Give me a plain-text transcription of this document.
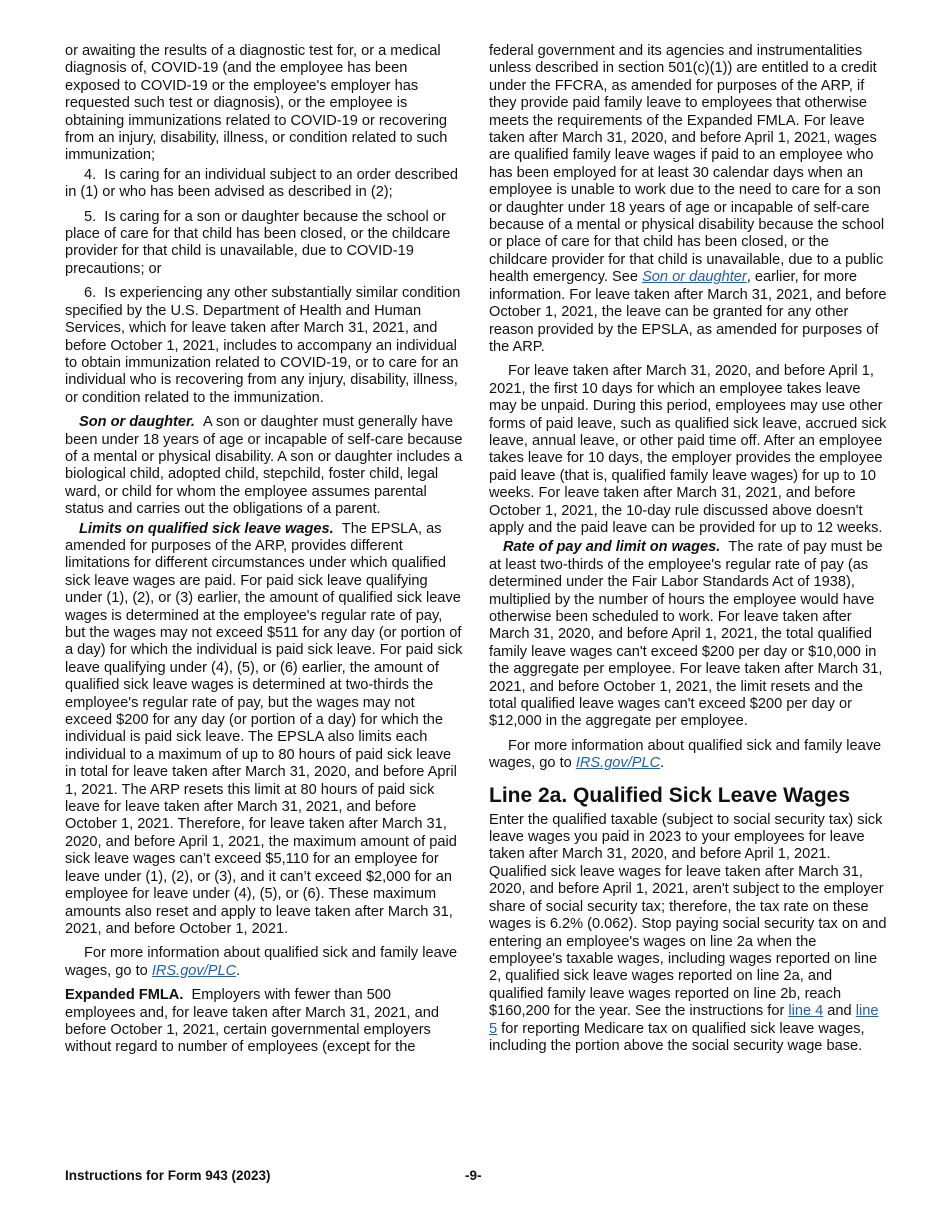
or awaiting the results of a diagnostic test for, or a medical diagnosis of, COVID-19 (and the employee has been exposed to COVID-19 or the employee's employer has requested such test or diagnosis), or the employee is obtaining immunizations related to COVID-19 or recovering from an injury, disability, illness, or condition related to such immunization;

4.  Is caring for an individual subject to an order described in (1) or who has been advised as described in (2);

5.  Is caring for a son or daughter because the school or place of care for that child has been closed, or the childcare provider for that child is unavailable, due to COVID-19 precautions; or

6.  Is experiencing any other substantially similar condition specified by the U.S. Department of Health and Human Services, which for leave taken after March 31, 2021, and before October 1, 2021, includes to accompany an individual to obtain immunization related to COVID-19, or to care for an individual who is recovering from any injury, disability, illness, or condition related to the immunization.

Son or daughter.  A son or daughter must generally have been under 18 years of age or incapable of self-care because of a mental or physical disability. A son or daughter includes a biological child, adopted child, stepchild, foster child, legal ward, or child for whom the employee assumes parental status and carries out the obligations of a parent.

Limits on qualified sick leave wages.  The EPSLA, as amended for purposes of the ARP, provides different limitations for different circumstances under which qualified sick leave wages are paid. For paid sick leave qualifying under (1), (2), or (3) earlier, the amount of qualified sick leave wages is determined at the employee's regular rate of pay, but the wages may not exceed $511 for any day (or portion of a day) for which the individual is paid sick leave. For paid sick leave qualifying under (4), (5), or (6) earlier, the amount of qualified sick leave wages is determined at two-thirds the employee's regular rate of pay, but the wages may not exceed $200 for any day (or portion of a day) for which the individual is paid sick leave. The EPSLA also limits each individual to a maximum of up to 80 hours of paid sick leave in total for leave taken after March 31, 2020, and before April 1, 2021. The ARP resets this limit at 80 hours of paid sick leave for leave taken after March 31, 2021, and before October 1, 2021. Therefore, for leave taken after March 31, 2020, and before April 1, 2021, the maximum amount of paid sick leave wages can’t exceed $5,110 for an employee for leave under (1), (2), or (3), and it can’t exceed $2,000 for an employee for leave under (4), (5), or (6). These maximum amounts also reset and apply to leave taken after March 31, 2021, and before October 1, 2021.

For more information about qualified sick and family leave wages, go to IRS.gov/PLC.

Expanded FMLA.  Employers with fewer than 500 employees and, for leave taken after March 31, 2021, and before October 1, 2021, certain governmental employers without regard to number of employees (except for the

federal government and its agencies and instrumentalities unless described in section 501(c)(1)) are entitled to a credit under the FFCRA, as amended for purposes of the ARP, if they provide paid family leave to employees that otherwise meets the requirements of the Expanded FMLA. For leave taken after March 31, 2020, and before April 1, 2021, wages are qualified family leave wages if paid to an employee who has been employed for at least 30 calendar days when an employee is unable to work due to the need to care for a son or daughter under 18 years of age or incapable of self-care because of a mental or physical disability because the school or place of care for that child has been closed, or the childcare provider for that child is unavailable, due to a public health emergency. See Son or daughter, earlier, for more information. For leave taken after March 31, 2021, and before October 1, 2021, the leave can be granted for any other reason provided by the EPSLA, as amended for purposes of the ARP.

For leave taken after March 31, 2020, and before April 1, 2021, the first 10 days for which an employee takes leave may be unpaid. During this period, employees may use other forms of paid leave, such as qualified sick leave, accrued sick leave, annual leave, or other paid time off. After an employee takes leave for 10 days, the employer provides the employee paid leave (that is, qualified family leave wages) for up to 10 weeks. For leave taken after March 31, 2021, and before October 1, 2021, the 10-day rule discussed above doesn't apply and the paid leave can be provided for up to 12 weeks.

Rate of pay and limit on wages.  The rate of pay must be at least two-thirds of the employee's regular rate of pay (as determined under the Fair Labor Standards Act of 1938), multiplied by the number of hours the employee would have otherwise been scheduled to work. For leave taken after March 31, 2020, and before April 1, 2021, the total qualified family leave wages can't exceed $200 per day or $10,000 in the aggregate per employee. For leave taken after March 31, 2021, and before October 1, 2021, the limit resets and the total qualified leave wages can't exceed $200 per day or $12,000 in the aggregate per employee.

For more information about qualified sick and family leave wages, go to IRS.gov/PLC.

Line 2a. Qualified Sick Leave Wages

Enter the qualified taxable (subject to social security tax) sick leave wages you paid in 2023 to your employees for leave taken after March 31, 2020, and before April 1, 2021. Qualified sick leave wages for leave taken after March 31, 2020, and before April 1, 2021, aren't subject to the employer share of social security tax; therefore, the tax rate on these wages is 6.2% (0.062). Stop paying social security tax on and entering an employee's wages on line 2a when the employee's taxable wages, including wages reported on line 2, qualified sick leave wages reported on line 2a, and qualified family leave wages reported on line 2b, reach $160,200 for the year. See the instructions for line 4 and line 5 for reporting Medicare tax on qualified sick leave wages, including the portion above the social security wage base.

Instructions for Form 943 (2023)	-9-
